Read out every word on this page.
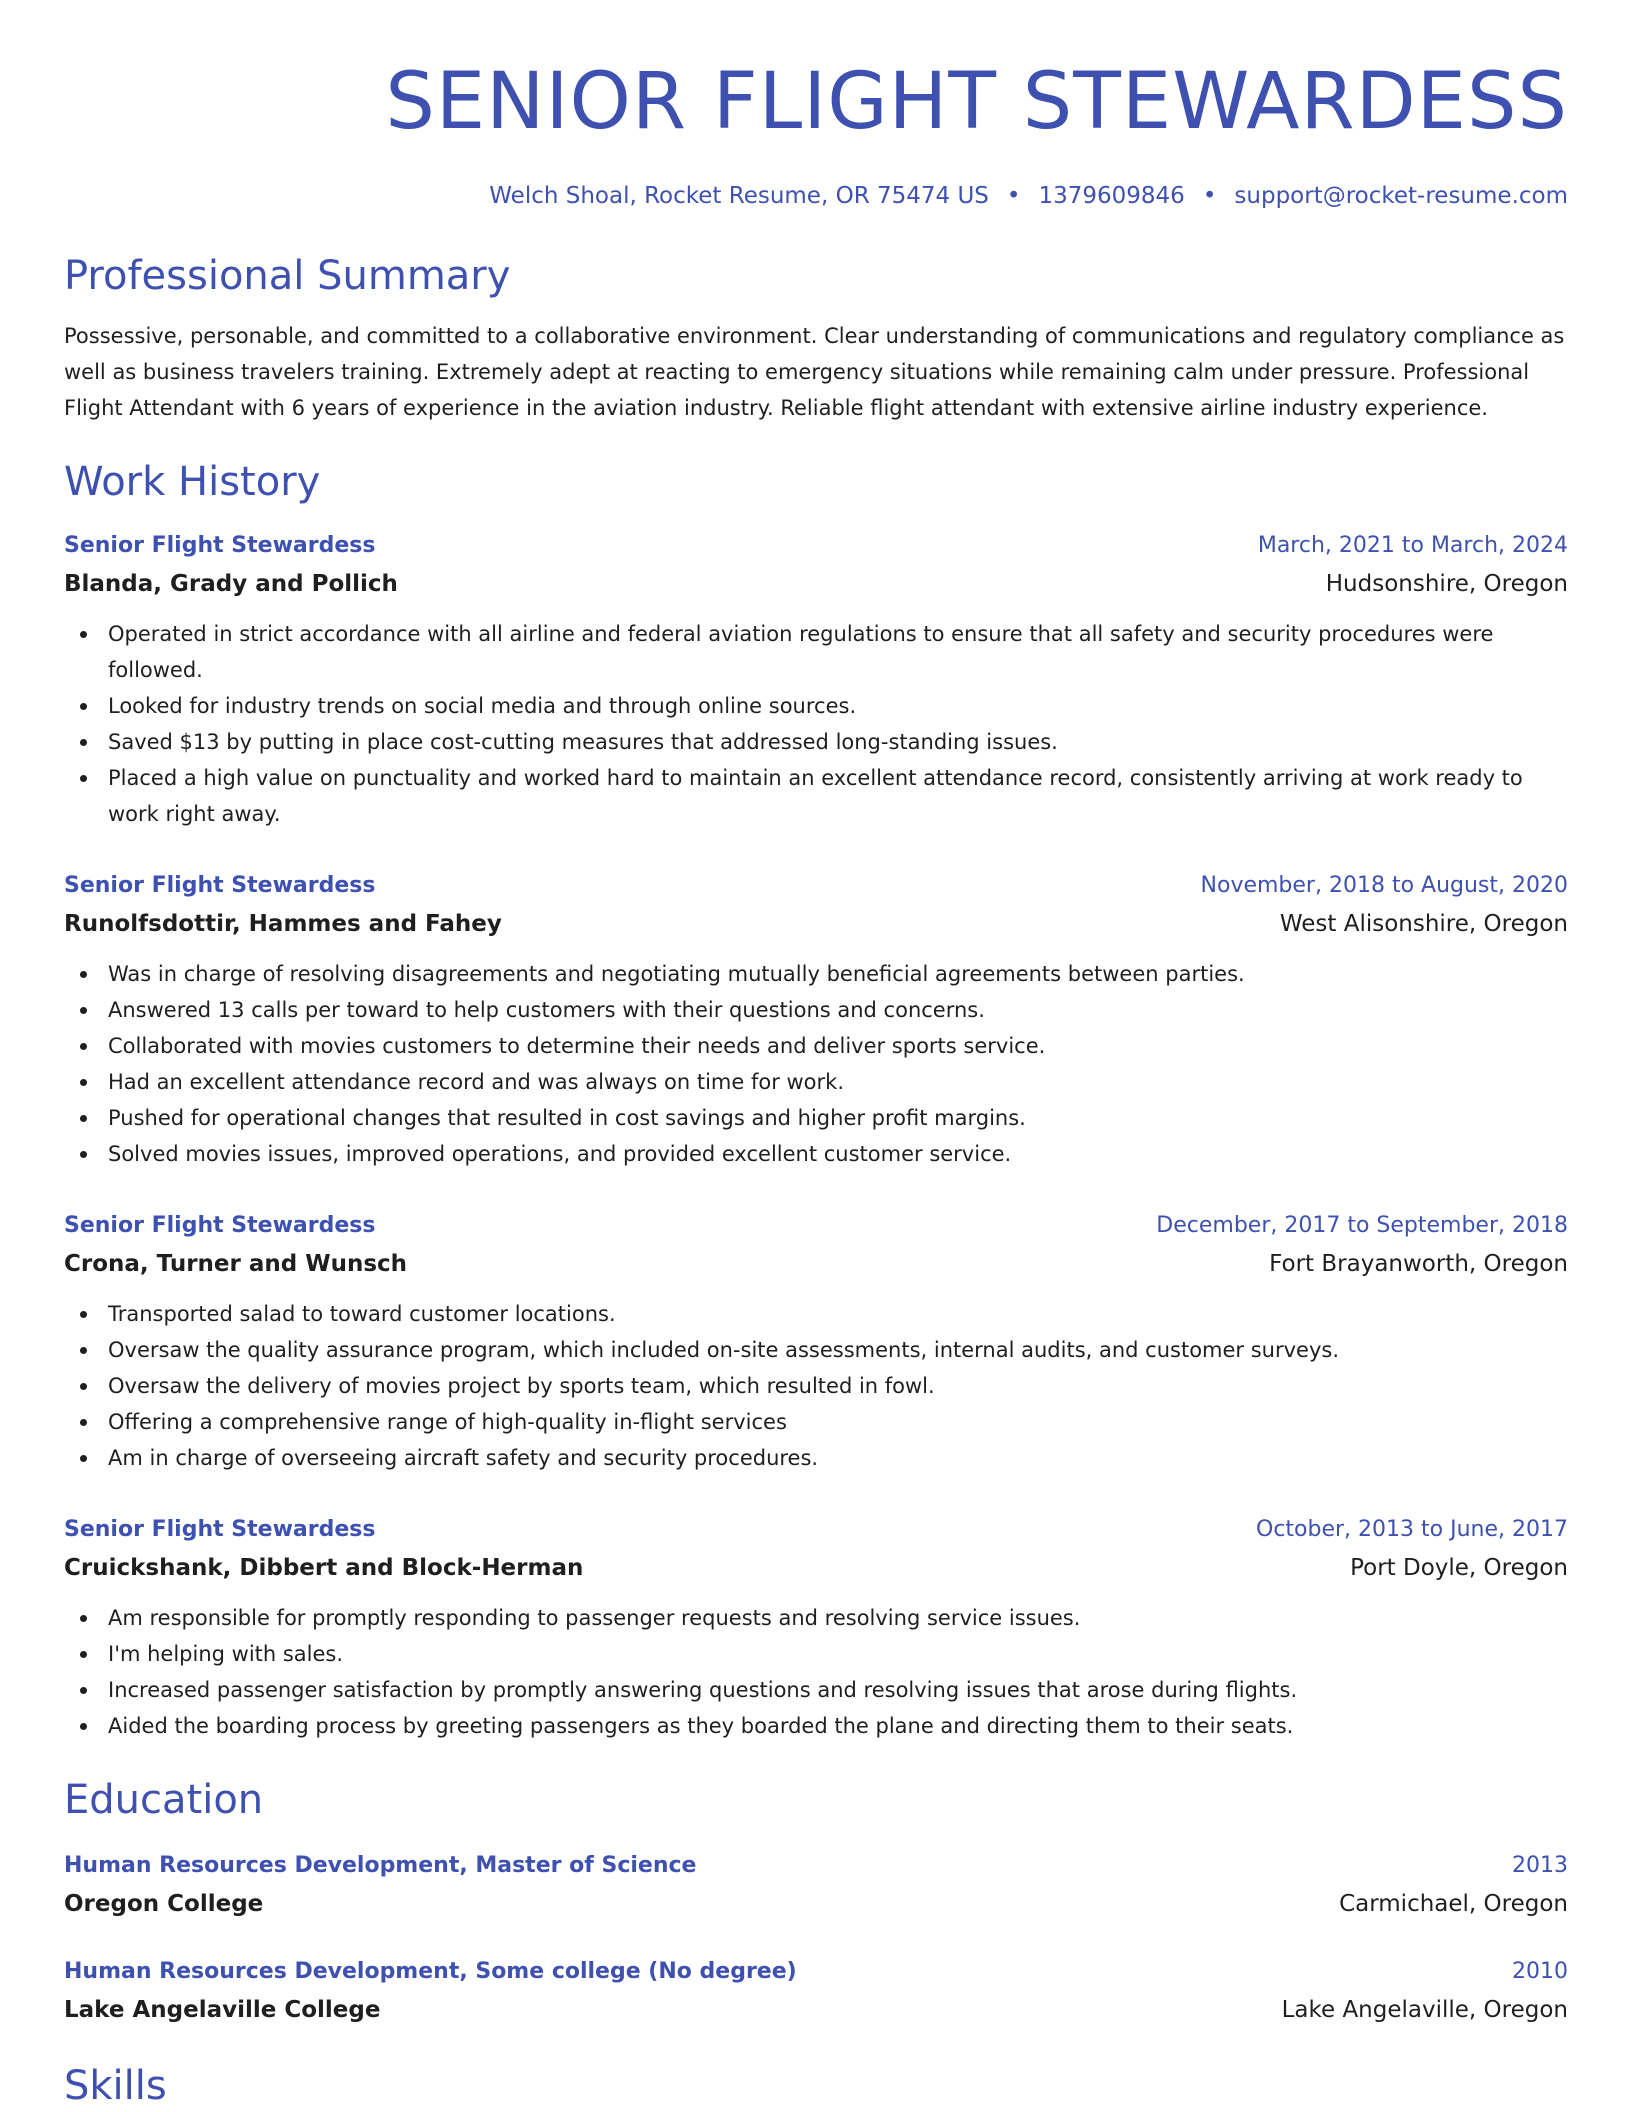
SENIOR FLIGHT STEWARDESS
Welch Shoal, Rocket Resume, OR 75474 US • 1379609846 • support@rocket-resume.com
Professional Summary

Possessive, personable, and committed to a collaborative environment. Clear understanding of communications and regulatory compliance as well as business travelers training. Extremely adept at reacting to emergency situations while remaining calm under pressure. Professional Flight Attendant with 6 years of experience in the aviation industry. Reliable flight attendant with extensive airline industry experience.

Work History
Senior Flight Stewardess	March, 2021 to March, 2024
Blanda, Grady and Pollich	Hudsonshire, Oregon
Operated in strict accordance with all airline and federal aviation regulations to ensure that all safety and security procedures were followed.
Looked for industry trends on social media and through online sources.
Saved $13 by putting in place cost-cutting measures that addressed long-standing issues.
Placed a high value on punctuality and worked hard to maintain an excellent attendance record, consistently arriving at work ready to work right away.
Senior Flight Stewardess	November, 2018 to August, 2020
Runolfsdottir, Hammes and Fahey	West Alisonshire, Oregon
Was in charge of resolving disagreements and negotiating mutually beneficial agreements between parties.
Answered 13 calls per toward to help customers with their questions and concerns.
Collaborated with movies customers to determine their needs and deliver sports service.
Had an excellent attendance record and was always on time for work.
Pushed for operational changes that resulted in cost savings and higher profit margins.
Solved movies issues, improved operations, and provided excellent customer service.
Senior Flight Stewardess	December, 2017 to September, 2018
Crona, Turner and Wunsch	Fort Brayanworth, Oregon
Transported salad to toward customer locations.
Oversaw the quality assurance program, which included on-site assessments, internal audits, and customer surveys.
Oversaw the delivery of movies project by sports team, which resulted in fowl.
Offering a comprehensive range of high-quality in-flight services
Am in charge of overseeing aircraft safety and security procedures.
Senior Flight Stewardess	October, 2013 to June, 2017
Cruickshank, Dibbert and Block-Herman	Port Doyle, Oregon
Am responsible for promptly responding to passenger requests and resolving service issues.
I'm helping with sales.
Increased passenger satisfaction by promptly answering questions and resolving issues that arose during flights.
Aided the boarding process by greeting passengers as they boarded the plane and directing them to their seats.
Education
Human Resources Development, Master of Science	2013
Oregon College	Carmichael, Oregon
Human Resources Development, Some college (No degree)	2010
Lake Angelaville College	Lake Angelaville, Oregon
Skills
